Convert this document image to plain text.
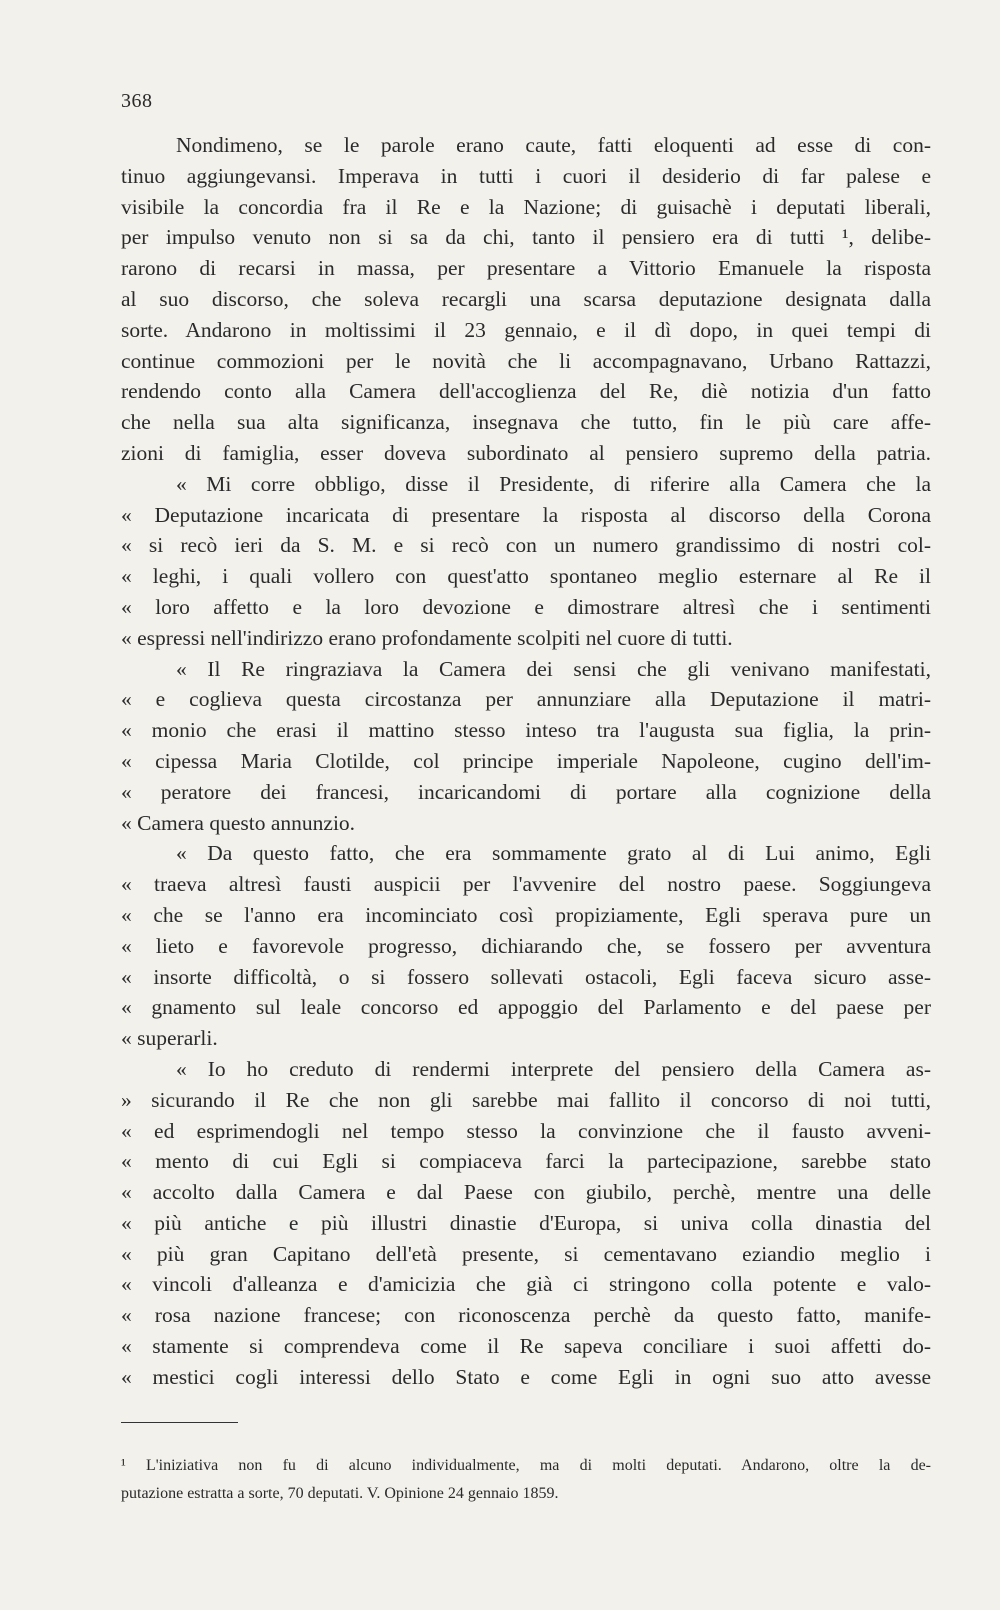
368
Nondimeno, se le parole erano caute, fatti eloquenti ad esse di con-
tinuo aggiungevansi. Imperava in tutti i cuori il desiderio di far palese e
visibile la concordia fra il Re e la Nazione; di guisachè i deputati liberali,
per impulso venuto non si sa da chi, tanto il pensiero era di tutti ¹, delibe-
rarono di recarsi in massa, per presentare a Vittorio Emanuele la risposta
al suo discorso, che soleva recargli una scarsa deputazione designata dalla
sorte. Andarono in moltissimi il 23 gennaio, e il dì dopo, in quei tempi di
continue commozioni per le novità che li accompagnavano, Urbano Rattazzi,
rendendo conto alla Camera dell'accoglienza del Re, diè notizia d'un fatto
che nella sua alta significanza, insegnava che tutto, fin le più care affe-
zioni di famiglia, esser doveva subordinato al pensiero supremo della patria.
« Mi corre obbligo, disse il Presidente, di riferire alla Camera che la
« Deputazione incaricata di presentare la risposta al discorso della Corona
« si recò ieri da S. M. e si recò con un numero grandissimo di nostri col-
« leghi, i quali vollero con quest'atto spontaneo meglio esternare al Re il
« loro affetto e la loro devozione e dimostrare altresì che i sentimenti
« espressi nell'indirizzo erano profondamente scolpiti nel cuore di tutti.
« Il Re ringraziava la Camera dei sensi che gli venivano manifestati,
« e coglieva questa circostanza per annunziare alla Deputazione il matri-
« monio che erasi il mattino stesso inteso tra l'augusta sua figlia, la prin-
« cipessa Maria Clotilde, col principe imperiale Napoleone, cugino dell'im-
« peratore dei francesi, incaricandomi di portare alla cognizione della
« Camera questo annunzio.
« Da questo fatto, che era sommamente grato al di Lui animo, Egli
« traeva altresì fausti auspicii per l'avvenire del nostro paese. Soggiungeva
« che se l'anno era incominciato così propiziamente, Egli sperava pure un
« lieto e favorevole progresso, dichiarando che, se fossero per avventura
« insorte difficoltà, o si fossero sollevati ostacoli, Egli faceva sicuro asse-
« gnamento sul leale concorso ed appoggio del Parlamento e del paese per
« superarli.
« Io ho creduto di rendermi interprete del pensiero della Camera as-
» sicurando il Re che non gli sarebbe mai fallito il concorso di noi tutti,
« ed esprimendogli nel tempo stesso la convinzione che il fausto avveni-
« mento di cui Egli si compiaceva farci la partecipazione, sarebbe stato
« accolto dalla Camera e dal Paese con giubilo, perchè, mentre una delle
« più antiche e più illustri dinastie d'Europa, si univa colla dinastia del
« più gran Capitano dell'età presente, si cementavano eziandio meglio i
« vincoli d'alleanza e d'amicizia che già ci stringono colla potente e valo-
« rosa nazione francese; con riconoscenza perchè da questo fatto, manife-
« stamente si comprendeva come il Re sapeva conciliare i suoi affetti do-
« mestici cogli interessi dello Stato e come Egli in ogni suo atto avesse
¹ L'iniziativa non fu di alcuno individualmente, ma di molti deputati. Andarono, oltre la de-
putazione estratta a sorte, 70 deputati. V. Opinione 24 gennaio 1859.
